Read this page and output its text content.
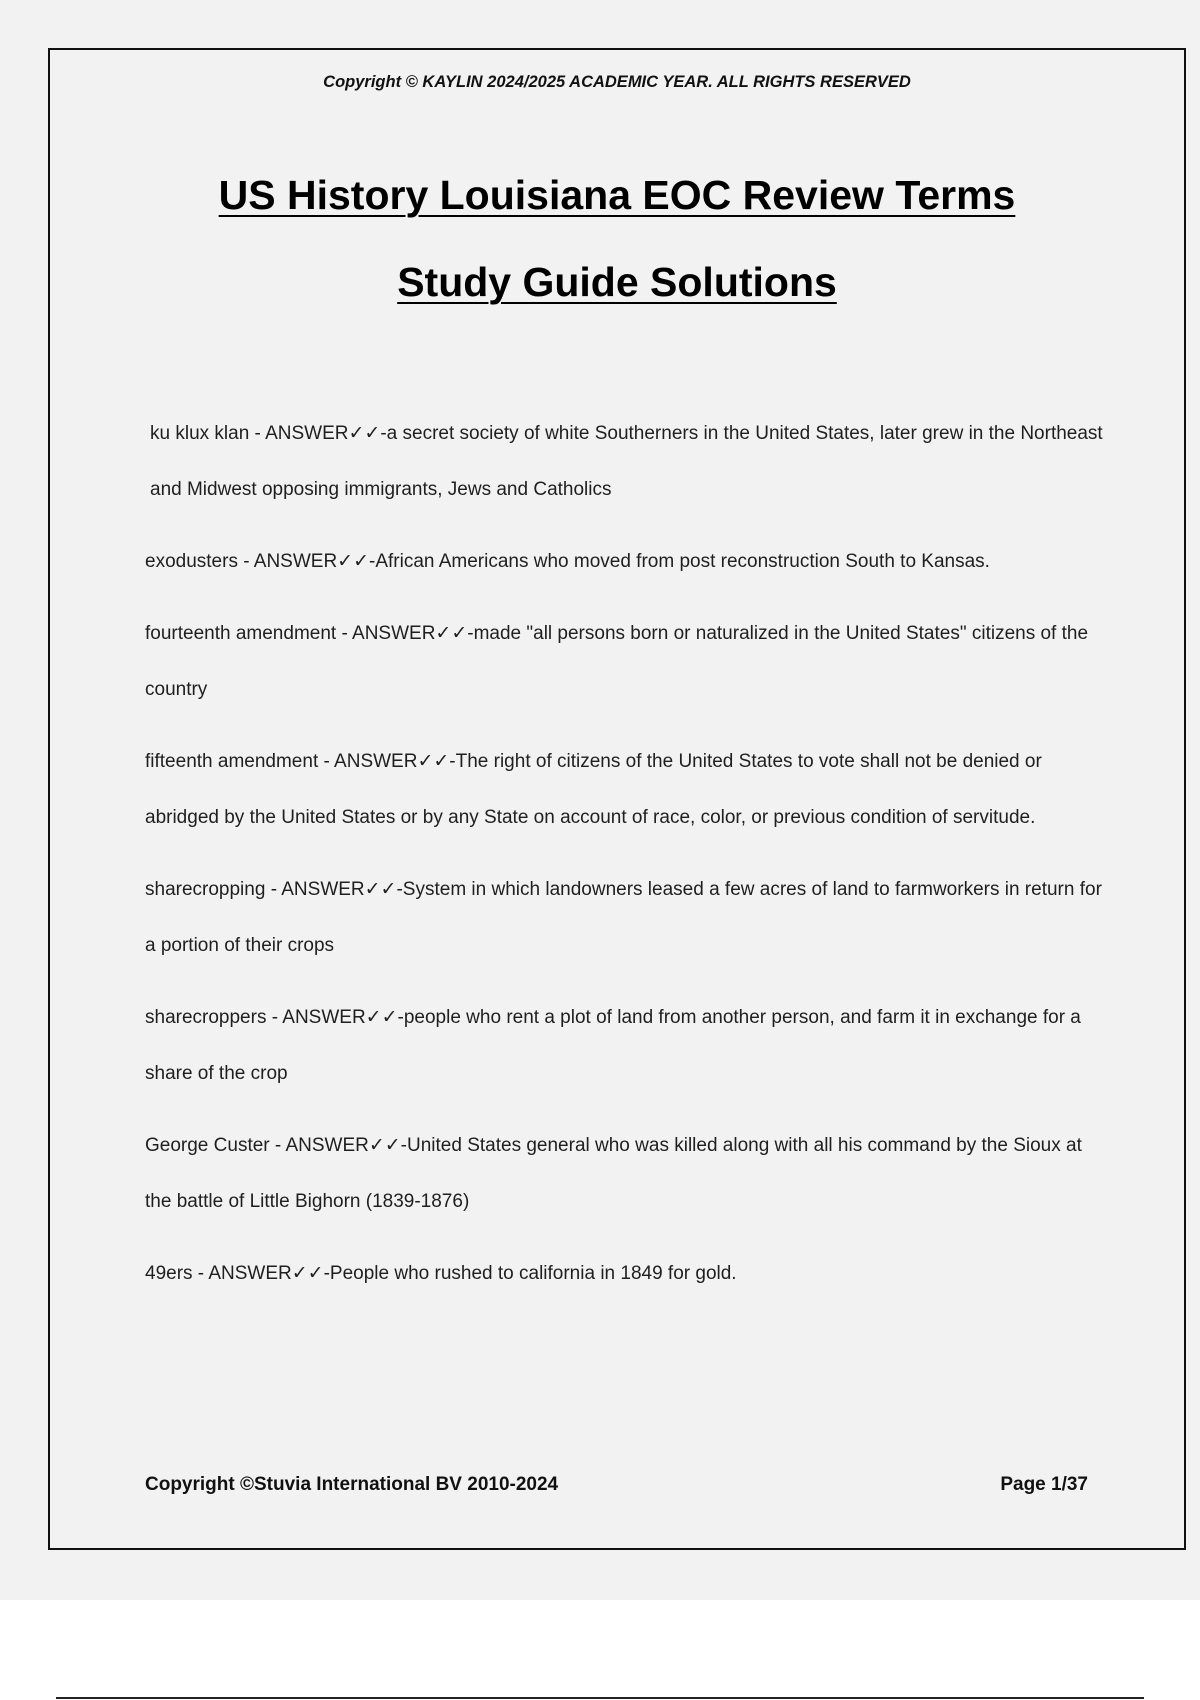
Copyright © KAYLIN 2024/2025 ACADEMIC YEAR. ALL RIGHTS RESERVED
US History Louisiana EOC Review Terms
Study Guide Solutions

ku klux klan - ANSWER✓✓-a secret society of white Southerners in the United States, later grew in the Northeast and Midwest opposing immigrants, Jews and Catholics

exodusters - ANSWER✓✓-African Americans who moved from post reconstruction South to Kansas.

fourteenth amendment - ANSWER✓✓-made "all persons born or naturalized in the United States" citizens of the country

fifteenth amendment - ANSWER✓✓-The right of citizens of the United States to vote shall not be denied or abridged by the United States or by any State on account of race, color, or previous condition of servitude.

sharecropping - ANSWER✓✓-System in which landowners leased a few acres of land to farmworkers in return for a portion of their crops

sharecroppers - ANSWER✓✓-people who rent a plot of land from another person, and farm it in exchange for a share of the crop

George Custer - ANSWER✓✓-United States general who was killed along with all his command by the Sioux at the battle of Little Bighorn (1839-1876)

49ers - ANSWER✓✓-People who rushed to california in 1849 for gold.

Copyright ©Stuvia International BV 2010-2024	Page 1/37
